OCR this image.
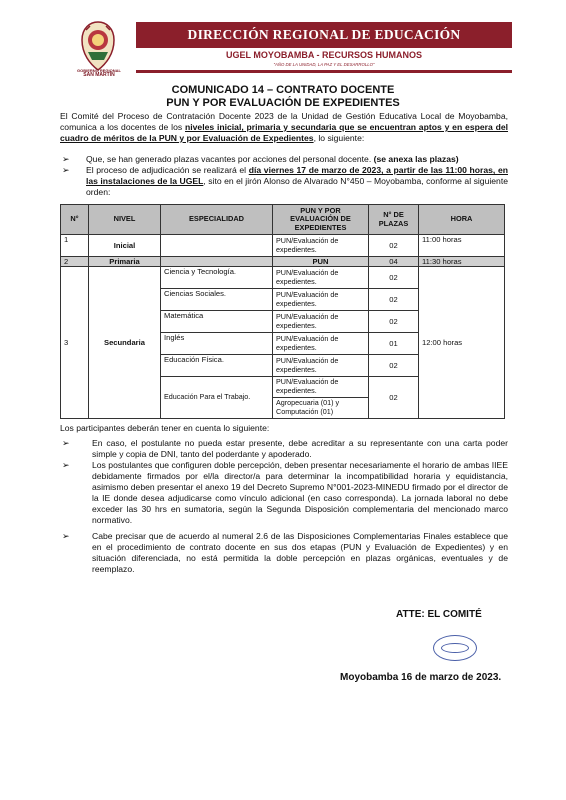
GOBIERNO REGIONAL
SAN MARTÍN
DIRECCIÓN REGIONAL DE EDUCACIÓN
UGEL MOYOBAMBA - RECURSOS HUMANOS
"AÑO DE LA UNIDAD, LA PAZ Y EL DESARROLLO"
COMUNICADO 14 – CONTRATO DOCENTE
PUN Y POR EVALUACIÓN DE EXPEDIENTES
El Comité del Proceso de Contratación Docente 2023 de la Unidad de Gestión Educativa Local de Moyobamba, comunica a los docentes de los niveles inicial, primaria y secundaria que se encuentran aptos y en espera del cuadro de méritos de la PUN y por Evaluación de Expedientes, lo siguiente:
➢ Que, se han generado plazas vacantes por acciones del personal docente. (se anexa las plazas)
➢ El proceso de adjudicación se realizará el día viernes 17 de marzo de 2023, a partir de las 11:00 horas, en las instalaciones de la UGEL, sito en el jirón Alonso de Alvarado N°450 – Moyobamba, conforme al siguiente orden:
N°	NIVEL	ESPECIALIDAD	PUN Y POR EVALUACIÓN DE EXPEDIENTES	N° DE PLAZAS	HORA
1	Inicial		PUN/Evaluación de expedientes.	02	11:00 horas
2	Primaria		PUN	04	11:30 horas
3	Secundaria	Ciencia y Tecnología.	PUN/Evaluación de expedientes.	02	12:00 horas
		Ciencias Sociales.	PUN/Evaluación de expedientes.	02	
		Matemática	PUN/Evaluación de expedientes.	02	
		Inglés	PUN/Evaluación de expedientes.	01	
		Educación Física.	PUN/Evaluación de expedientes.	02	
		Educación Para el Trabajo.	PUN/Evaluación de expedientes.	02	
			Agropecuaria (01) y Computación (01)		
Los participantes deberán tener en cuenta lo siguiente:
➢	En caso, el postulante no pueda estar presente, debe acreditar a su representante con una carta poder simple y copia de DNI, tanto del poderdante y apoderado.
➢	Los postulantes que configuren doble percepción, deben presentar necesariamente el horario de ambas IIEE debidamente firmados por el/la director/a para determinar la incompatibilidad horaria y equidistancia, asimismo deben presentar el anexo 19 del Decreto Supremo N°001-2023-MINEDU firmado por el director de la IE donde desea adjudicarse como vínculo adicional (en caso corresponda). La jornada laboral no debe exceder las 30 hrs en sumatoria, según la Segunda Disposición complementaria del mencionado marco normativo.
➢	Cabe precisar que de acuerdo al numeral 2.6 de las Disposiciones Complementarias Finales establece que en el procedimiento de contrato docente en sus dos etapas (PUN y Evaluación de Expedientes) y en situación diferenciada, no está permitida la doble percepción en plazas orgánicas, eventuales y de reemplazo.
ATTE: EL COMITÉ
Moyobamba 16 de marzo de 2023.
